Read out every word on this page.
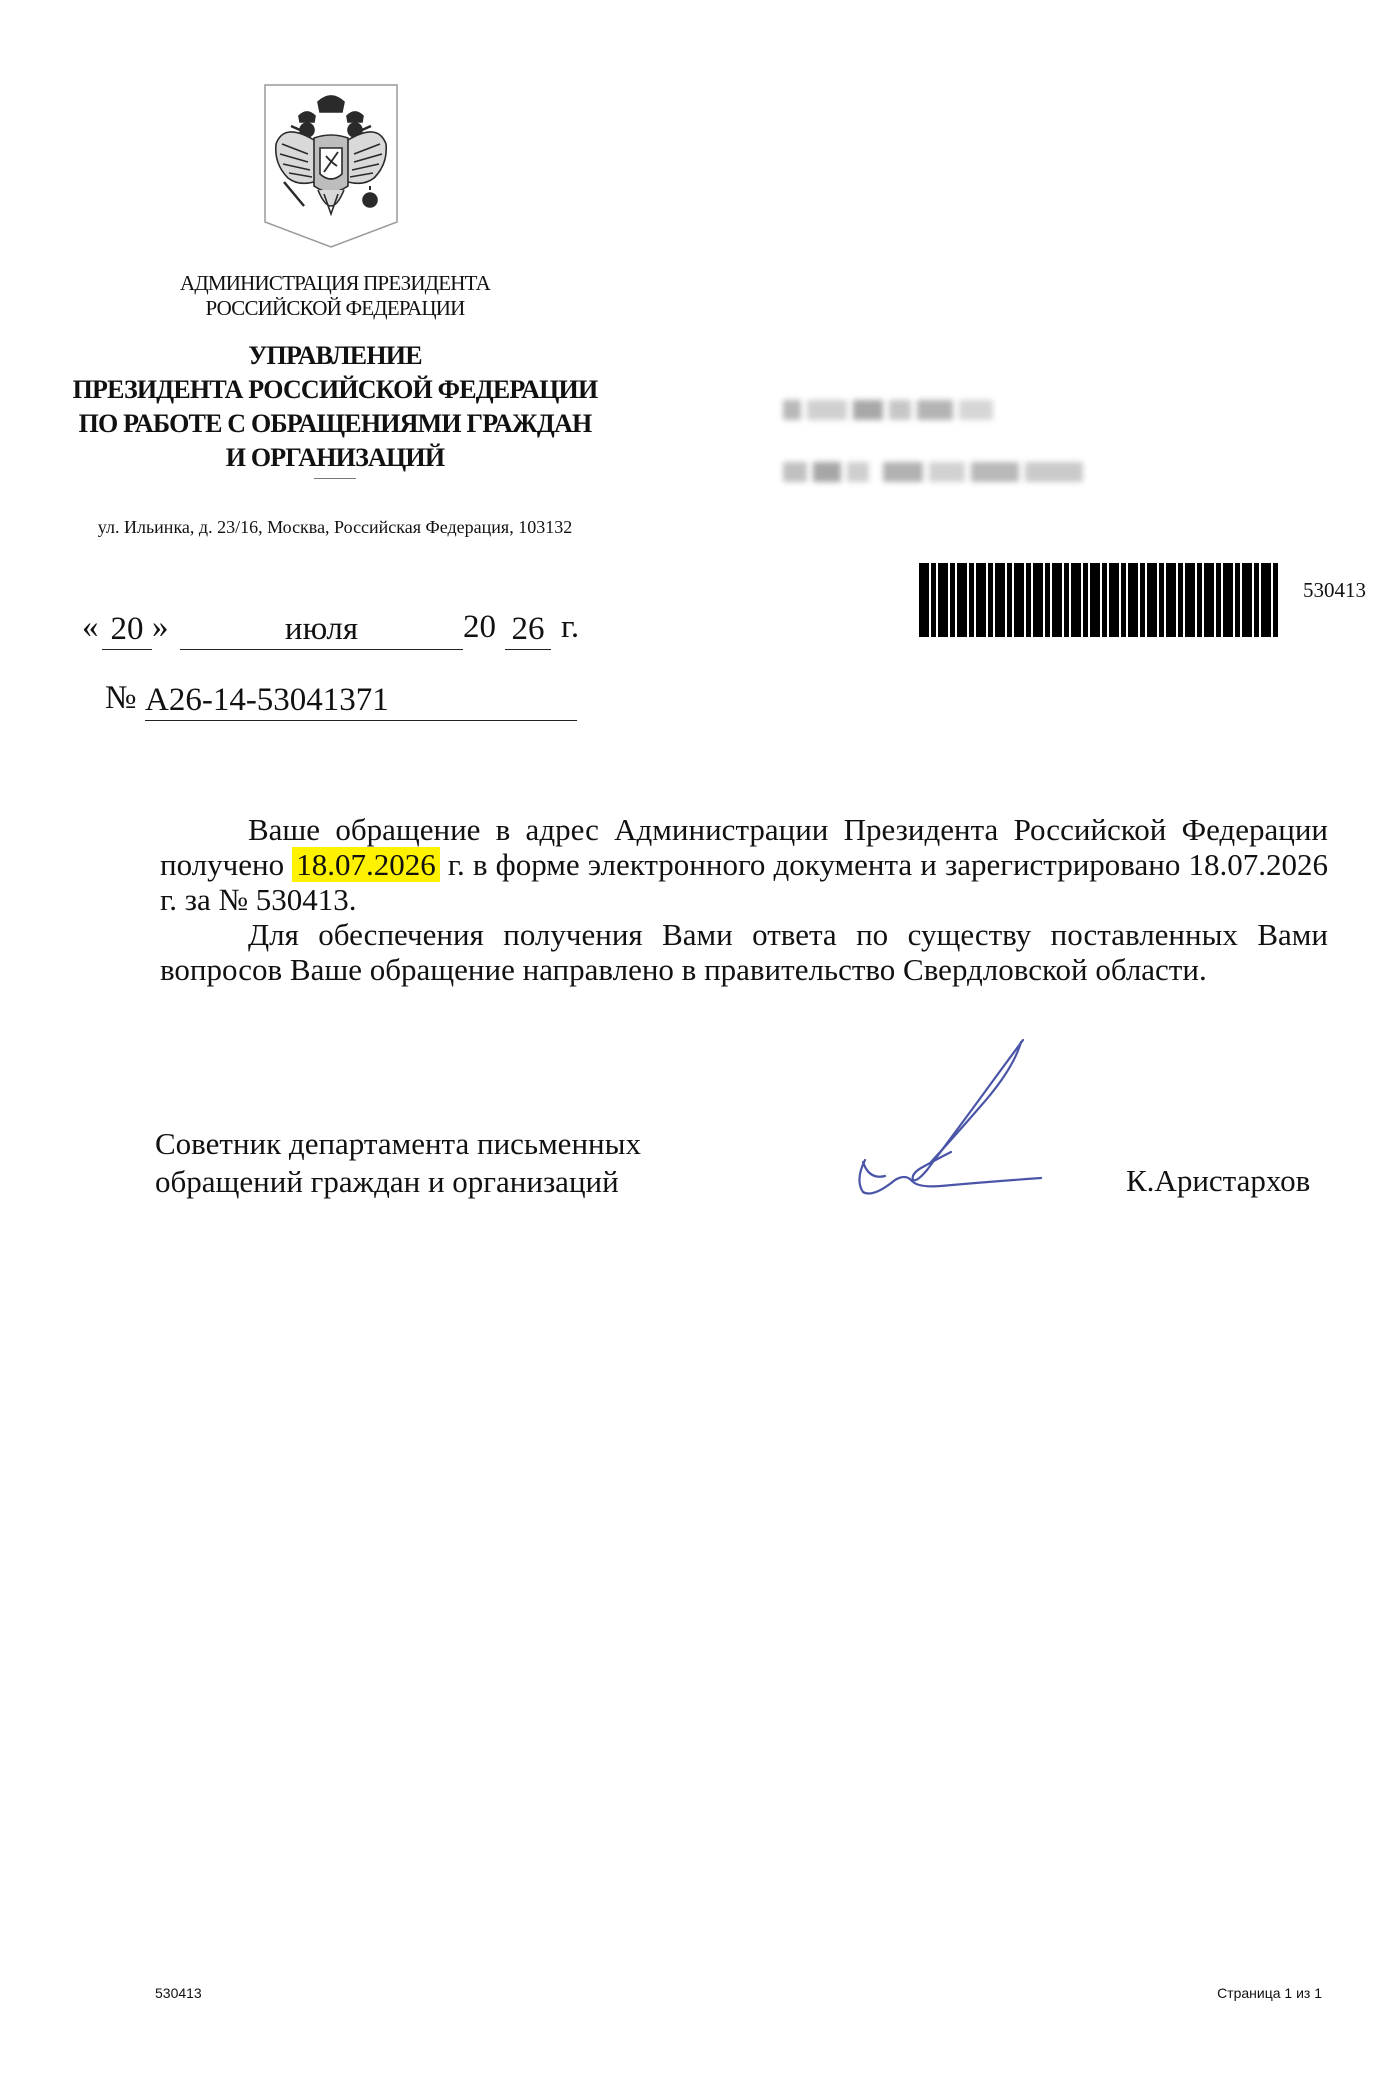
АДМИНИСТРАЦИЯ ПРЕЗИДЕНТА
РОССИЙСКОЙ ФЕДЕРАЦИИ
УПРАВЛЕНИЕ
ПРЕЗИДЕНТА РОССИЙСКОЙ ФЕДЕРАЦИИ
ПО РАБОТЕ С ОБРАЩЕНИЯМИ ГРАЖДАН
И ОРГАНИЗАЦИЙ
ул. Ильинка, д. 23/16, Москва, Российская Федерация, 103132
530413
« 20 »	июля	20 26 г.
№ А26-14-53041371

Ваше обращение в адрес Администрации Президента Российской Федерации получено 18.07.2026 г. в форме электронного документа и зарегистрировано 18.07.2026 г. за № 530413.

Для обеспечения получения Вами ответа по существу поставленных Вами вопросов Ваше обращение направлено в правительство Свердловской области.

Советник департамента письменных
обращений граждан и организаций	К.Аристархов
530413	Страница 1 из 1
